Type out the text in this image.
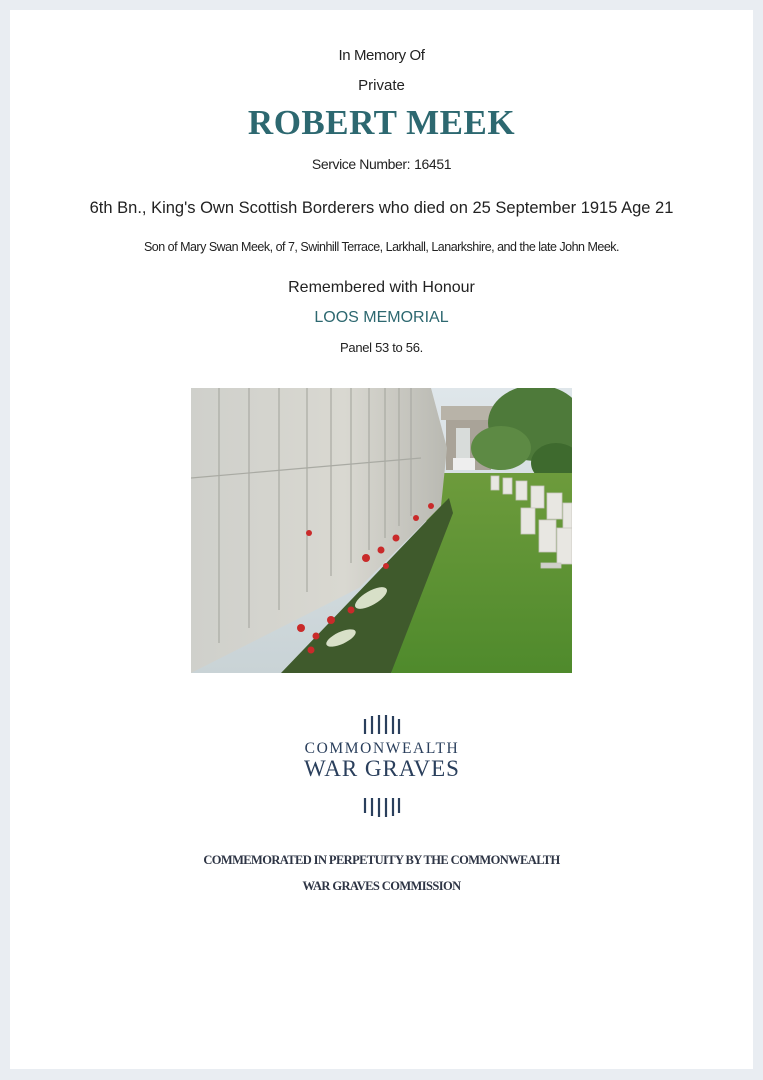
In Memory Of
Private
ROBERT MEEK
Service Number: 16451
6th Bn., King's Own Scottish Borderers who died on 25 September 1915 Age 21
Son of Mary Swan Meek, of 7, Swinhill Terrace, Larkhall, Lanarkshire, and the late John Meek.
Remembered with Honour
LOOS MEMORIAL
Panel 53 to 56.
COMMONWEALTH
WAR GRAVES
COMMEMORATED IN PERPETUITY BY THE COMMONWEALTH
WAR GRAVES COMMISSION
